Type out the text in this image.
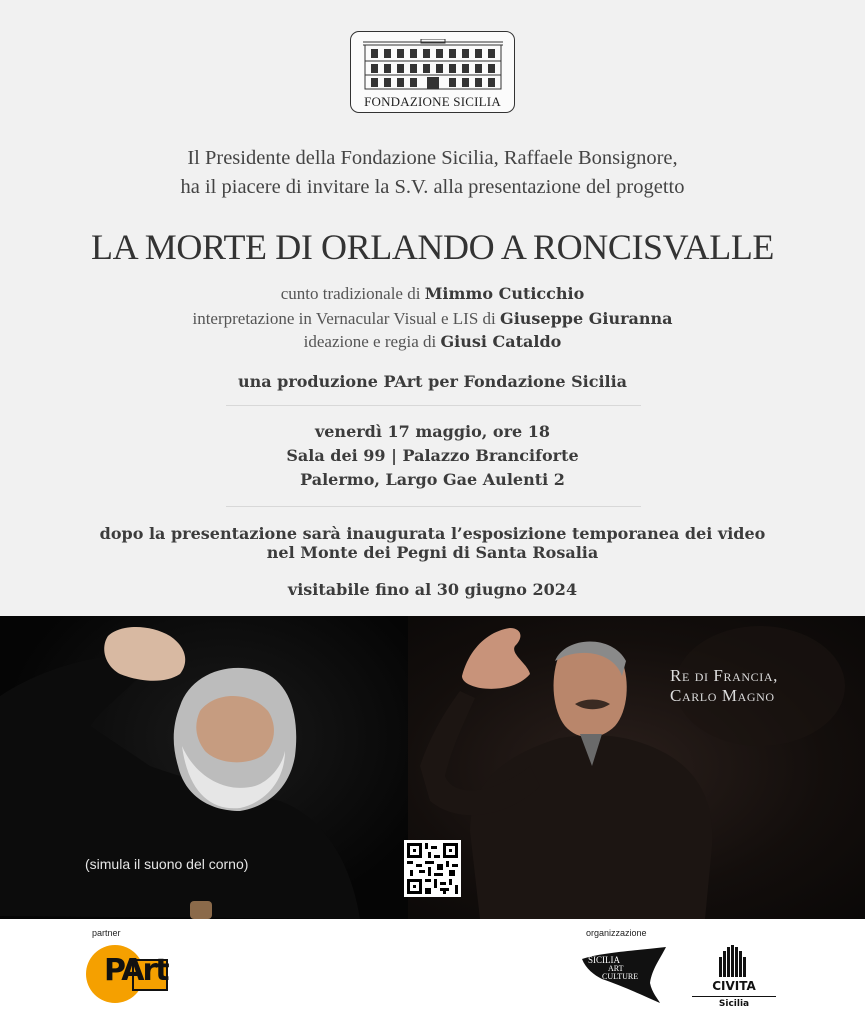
FONDAZIONE SICILIA
Il Presidente della Fondazione Sicilia, Raffaele Bonsignore,
ha il piacere di invitare la S.V. alla presentazione del progetto
LA MORTE DI ORLANDO A RONCISVALLE
cunto tradizionale di Mimmo Cuticchio
interpretazione in Vernacular Visual e LIS di Giuseppe Giuranna
ideazione e regia di Giusi Cataldo
una produzione PArt per Fondazione Sicilia
venerdì 17 maggio, ore 18
Sala dei 99 | Palazzo Branciforte
Palermo, Largo Gae Aulenti 2
dopo la presentazione sarà inaugurata l’esposizione temporanea dei video
nel Monte dei Pegni di Santa Rosalia
visitabile fino al 30 giugno 2024
(simula il suono del corno)
Re di Francia,
Carlo Magno
partner
PArt
organizzazione
SICILIA
ART
CULTURE
CIVITA
Sicilia
